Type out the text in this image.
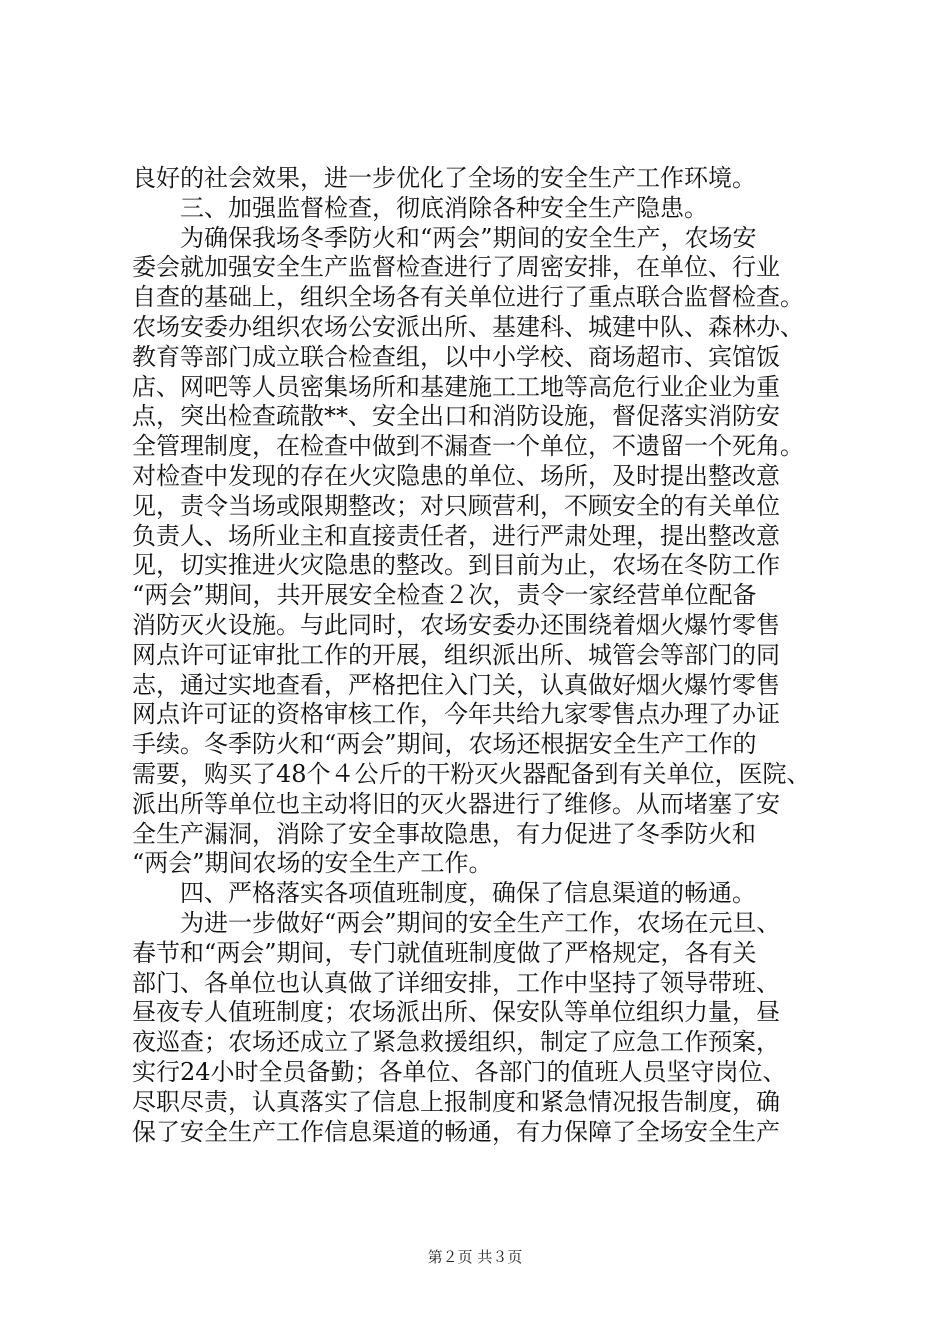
良好的社会效果，进一步优化了全场的安全生产工作环境。
　　三、加强监督检查，彻底消除各种安全生产隐患。
　　为确保我场冬季防火和“两会”期间的安全生产，农场安
委会就加强安全生产监督检查进行了周密安排，在单位、行业
自查的基础上，组织全场各有关单位进行了重点联合监督检查。
农场安委办组织农场公安派出所、基建科、城建中队、森林办、
教育等部门成立联合检查组，以中小学校、商场超市、宾馆饭
店、网吧等人员密集场所和基建施工工地等高危行业企业为重
点，突出检查疏散**、安全出口和消防设施，督促落实消防安
全管理制度，在检查中做到不漏查一个单位，不遗留一个死角。
对检查中发现的存在火灾隐患的单位、场所，及时提出整改意
见，责令当场或限期整改；对只顾营利，不顾安全的有关单位
负责人、场所业主和直接责任者，进行严肃处理，提出整改意
见，切实推进火灾隐患的整改。到目前为止，农场在冬防工作
“两会”期间，共开展安全检查２次，责令一家经营单位配备
消防灭火设施。与此同时，农场安委办还围绕着烟火爆竹零售
网点许可证审批工作的开展，组织派出所、城管会等部门的同
志，通过实地查看，严格把住入门关，认真做好烟火爆竹零售
网点许可证的资格审核工作，今年共给九家零售点办理了办证
手续。冬季防火和“两会”期间，农场还根据安全生产工作的
需要，购买了48个４公斤的干粉灭火器配备到有关单位，医院、
派出所等单位也主动将旧的灭火器进行了维修。从而堵塞了安
全生产漏洞，消除了安全事故隐患，有力促进了冬季防火和
“两会”期间农场的安全生产工作。
　　四、严格落实各项值班制度，确保了信息渠道的畅通。
　　为进一步做好“两会”期间的安全生产工作，农场在元旦、
春节和“两会”期间，专门就值班制度做了严格规定，各有关
部门、各单位也认真做了详细安排，工作中坚持了领导带班、
昼夜专人值班制度；农场派出所、保安队等单位组织力量，昼
夜巡查；农场还成立了紧急救援组织，制定了应急工作预案，
实行24小时全员备勤；各单位、各部门的值班人员坚守岗位、
尽职尽责，认真落实了信息上报制度和紧急情况报告制度，确
保了安全生产工作信息渠道的畅通，有力保障了全场安全生产
第２页 共３页
